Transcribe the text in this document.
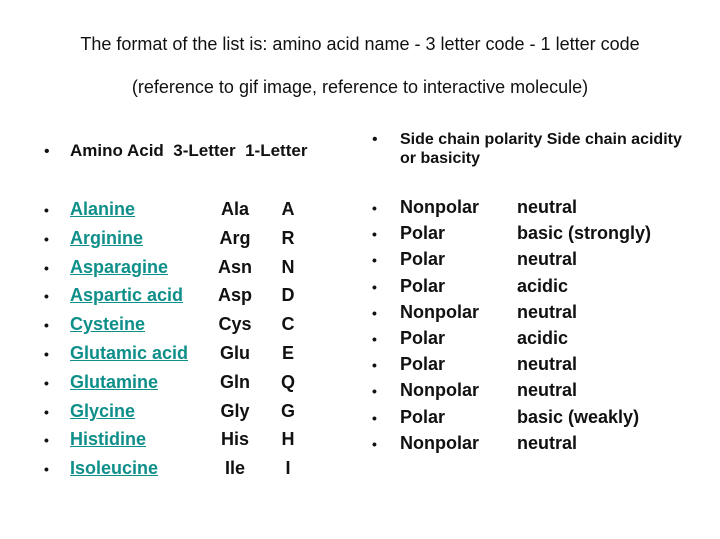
The format of the list is: amino acid name - 3 letter code - 1 letter code
(reference to gif image, reference to interactive molecule)
• Amino Acid 3-Letter 1-Letter
• Side chain polarity Side chain acidity or basicity
• Alanine	Ala	A
• Arginine	Arg	R
• Asparagine	Asn	N
• Aspartic acid	Asp	D
• Cysteine	Cys	C
• Glutamic acid	Glu	E
• Glutamine	Gln	Q
• Glycine	Gly	G
• Histidine	His	H
• Isoleucine	Ile	I
• Nonpolar neutral
• Polar	basic (strongly)
• Polar	neutral
• Polar	acidic
• Nonpolar neutral
• Polar	acidic
• Polar	neutral
• Nonpolar neutral
• Polar	basic (weakly)
• Nonpolar neutral
